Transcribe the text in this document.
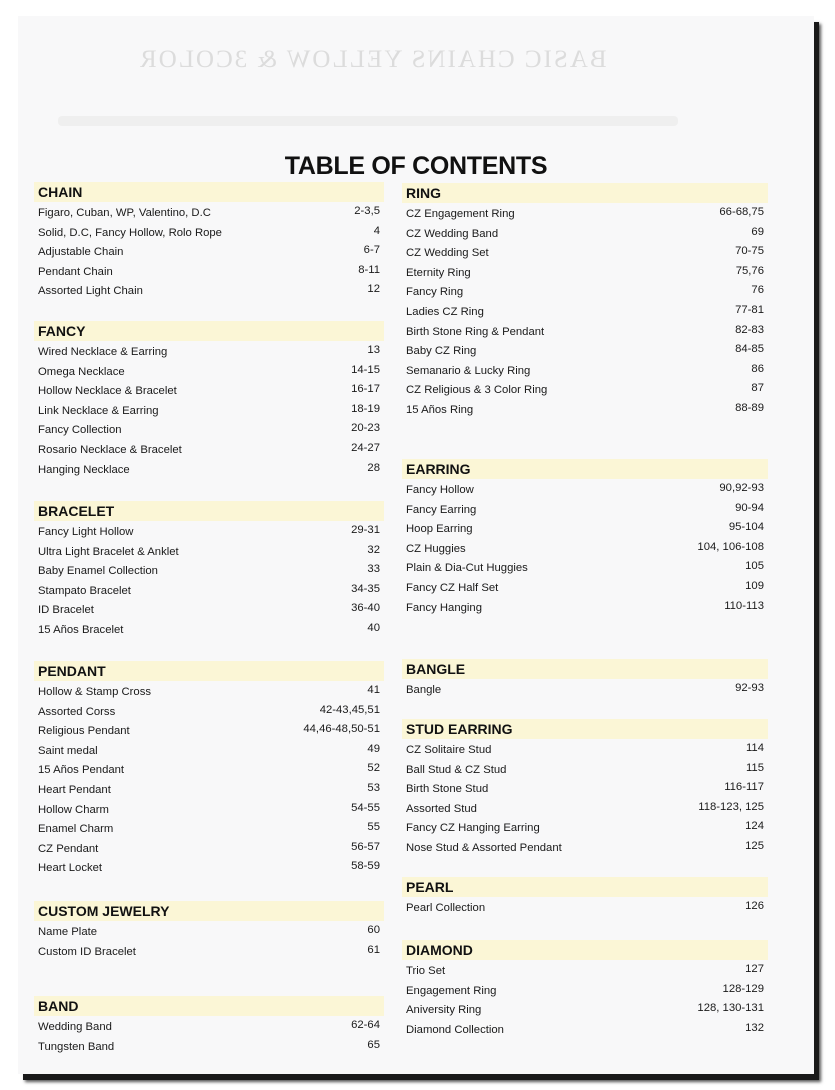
BASIC CHAINS YELLOW & 3COLOR
TABLE OF CONTENTS
CHAIN
Figaro, Cuban, WP, Valentino, D.C	2-3,5
Solid, D.C, Fancy Hollow, Rolo Rope	4
Adjustable Chain	6-7
Pendant Chain	8-11
Assorted Light Chain	12
FANCY
Wired Necklace & Earring	13
Omega Necklace	14-15
Hollow Necklace & Bracelet	16-17
Link Necklace & Earring	18-19
Fancy Collection	20-23
Rosario Necklace & Bracelet	24-27
Hanging Necklace	28
BRACELET
Fancy Light Hollow	29-31
Ultra Light Bracelet & Anklet	32
Baby Enamel Collection	33
Stampato Bracelet	34-35
ID Bracelet	36-40
15 Años Bracelet	40
PENDANT
Hollow & Stamp Cross	41
Assorted Corss	42-43,45,51
Religious Pendant	44,46-48,50-51
Saint medal	49
15 Años Pendant	52
Heart Pendant	53
Hollow Charm	54-55
Enamel Charm	55
CZ Pendant	56-57
Heart Locket	58-59
CUSTOM JEWELRY
Name Plate	60
Custom ID Bracelet	61
BAND
Wedding Band	62-64
Tungsten Band	65
RING
CZ Engagement Ring	66-68,75
CZ Wedding Band	69
CZ Wedding Set	70-75
Eternity Ring	75,76
Fancy Ring	76
Ladies CZ Ring	77-81
Birth Stone Ring & Pendant	82-83
Baby CZ Ring	84-85
Semanario & Lucky Ring	86
CZ Religious & 3 Color Ring	87
15 Años Ring	88-89
EARRING
Fancy Hollow	90,92-93
Fancy Earring	90-94
Hoop Earring	95-104
CZ Huggies	104, 106-108
Plain & Dia-Cut Huggies	105
Fancy CZ Half Set	109
Fancy Hanging	110-113
BANGLE
Bangle	92-93
STUD EARRING
CZ Solitaire Stud	114
Ball Stud & CZ Stud	115
Birth Stone Stud	116-117
Assorted Stud	118-123, 125
Fancy CZ Hanging Earring	124
Nose Stud & Assorted Pendant	125
PEARL
Pearl Collection	126
DIAMOND
Trio Set	127
Engagement Ring	128-129
Aniversity Ring	128, 130-131
Diamond Collection	132
